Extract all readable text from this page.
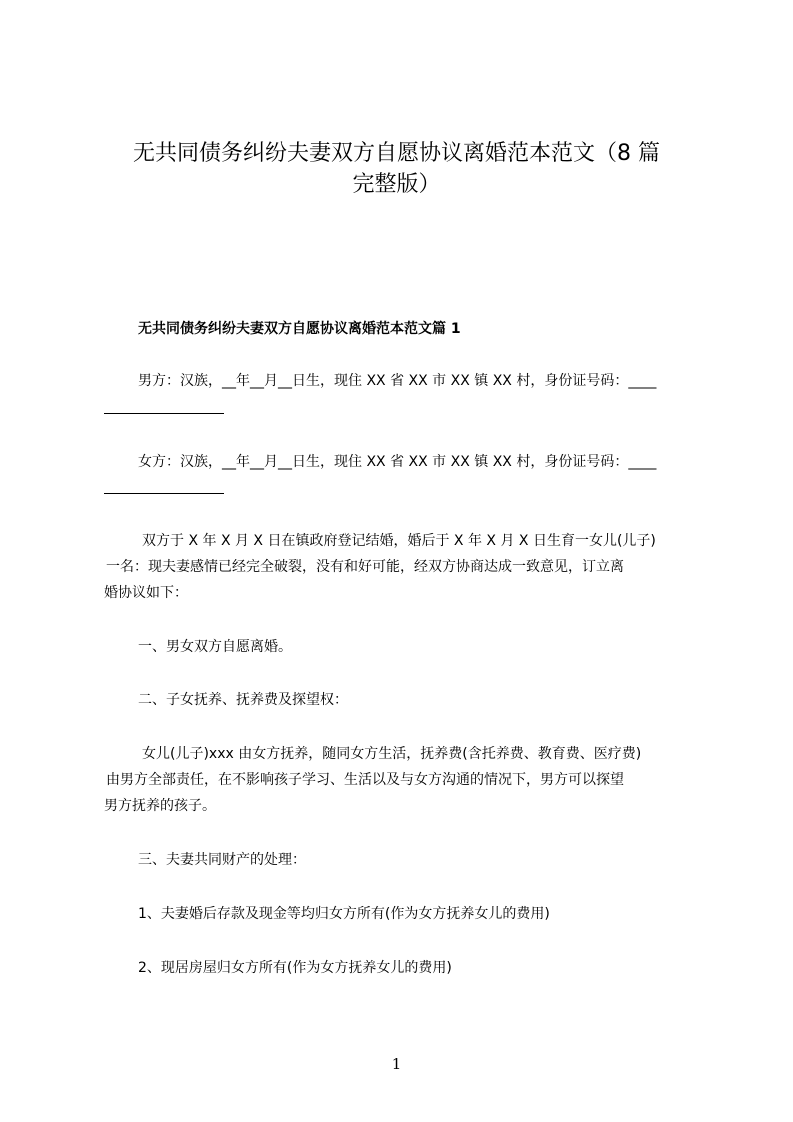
无共同债务纠纷夫妻双方自愿协议离婚范本范文（8 篇
完整版）
无共同债务纠纷夫妻双方自愿协议离婚范本范文篇 1
男方：汉族，__年__月__日生，现住 XX 省 XX 市 XX 镇 XX 村，身份证号码：____
女方：汉族，__年__月__日生，现住 XX 省 XX 市 XX 镇 XX 村，身份证号码：____
双方于 X 年 X 月 X 日在镇政府登记结婚，婚后于 X 年 X 月 X 日生育一女儿(儿子)
一名：现夫妻感情已经完全破裂，没有和好可能，经双方协商达成一致意见，订立离
婚协议如下：
一、男女双方自愿离婚。
二、子女抚养、抚养费及探望权：
女儿(儿子)xxx 由女方抚养，随同女方生活，抚养费(含托养费、教育费、医疗费)
由男方全部责任，在不影响孩子学习、生活以及与女方沟通的情况下，男方可以探望
男方抚养的孩子。
三、夫妻共同财产的处理：
1、夫妻婚后存款及现金等均归女方所有(作为女方抚养女儿的费用)
2、现居房屋归女方所有(作为女方抚养女儿的费用)
1
